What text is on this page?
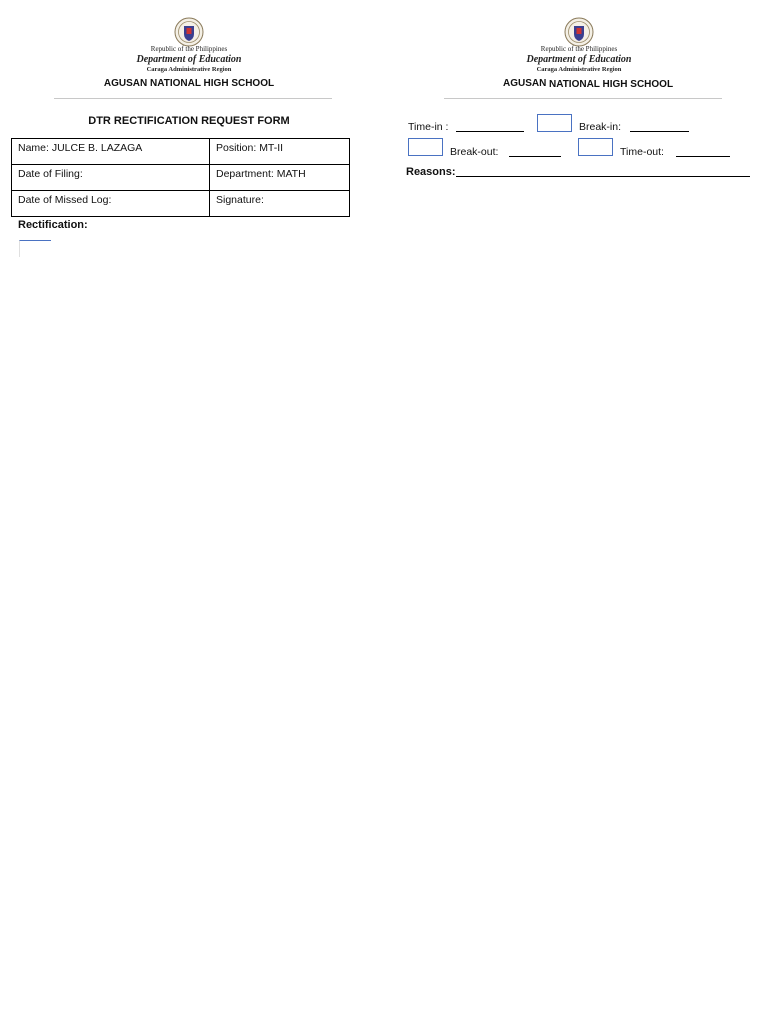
Republic of the Philippines
Department of Education
Caraga Administrative Region
AGUSAN NATIONAL HIGH SCHOOL
DTR RECTIFICATION REQUEST FORM
Name: JULCE B. LAZAGA	Position: MT-II
Date of Filing:	Department: MATH
Date of Missed Log:	Signature:
Rectification:
Republic of the Philippines
Department of Education
Caraga Administrative Region
AGUSAN NATIONAL HIGH SCHOOL
Time-in :	Break-in:
Break-out:	Time-out:
Reasons:
